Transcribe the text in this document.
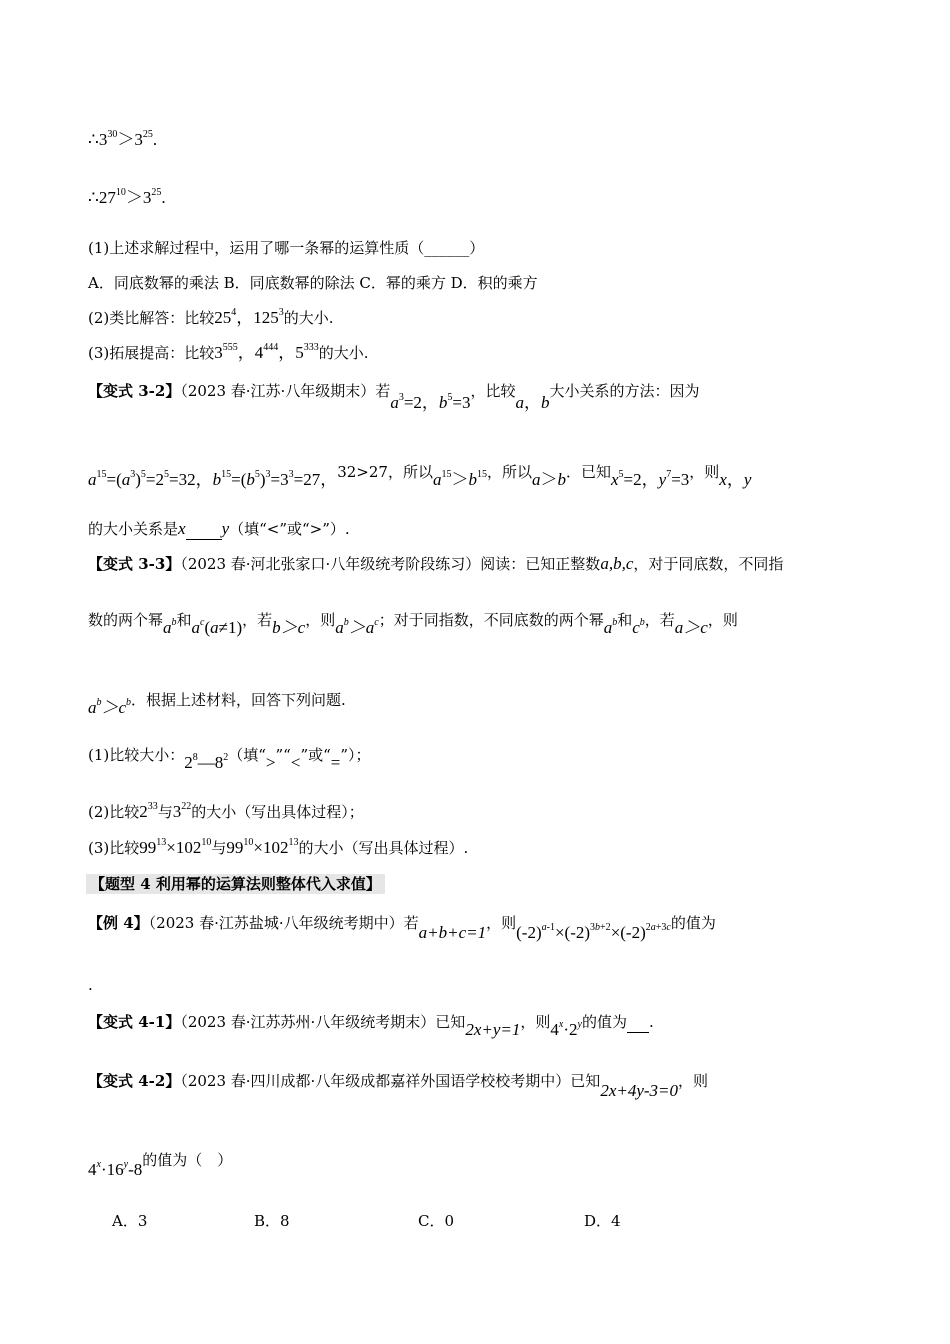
$\therefore 3^{30}>3^{25}$.
$\therefore 27^{10}>3^{25}$.
(1)上述求解过程中，运用了哪一条幂的运算性质（______）
A．同底数幂的乘法 B．同底数幂的除法 C．幂的乘方 D．积的乘方
(2)类比解答：比较$25^4$，$125^3$的大小.
(3)拓展提高：比较$3^{555}$，$4^{444}$，$5^{333}$的大小.
【变式 3-2】（2023 春·江苏·八年级期末）若$a^3=2$，$b^5=3$，比较a，b大小关系的方法：因为
$a^{15}=(a^3)^5=2^5=32$，$b^{15}=(b^5)^3=3^3=27$，32>27，所以$a^{15}>b^{15}$，所以a＞b．已知$x^5=2$，$y^7=3$，则x，y
的大小关系是x y（填“<”或“>”）.
【变式 3-3】（2023 春·河北张家口·八年级统考阶段练习）阅读：已知正整数a,b,c，对于同底数，不同指
数的两个幂$a^b$和$a^c(a\ne 1)$，若b＞c，则$a^b>a^c$；对于同指数，不同底数的两个幂$a^b$和$c^b$，若a＞c，则
$a^b>c^b$．根据上述材料，回答下列问题.
(1)比较大小：$2^8—8^2$（填“>”“<”或“=”）；
(2)比较$2^{33}$与$3^{22}$的大小（写出具体过程）；
(3)比较$99^{13}\times 102^{10}$与$99^{10}\times 102^{13}$的大小（写出具体过程）.
【题型 4 利用幂的运算法则整体代入求值】
【例 4】（2023 春·江苏盐城·八年级统考期中）若a+b+c=1，则$(-2)^{a-1}\times(-2)^{3b+2}\times(-2)^{2a+3c}$的值为
.
【变式 4-1】（2023 春·江苏苏州·八年级统考期末）已知2x+y=1，则$4^x\cdot 2^y$的值为 .
【变式 4-2】（2023 春·四川成都·八年级成都嘉祥外国语学校校考期中）已知2x+4y-3=0，则
$4^x\cdot 16^y-8$的值为（　）
A．3	B．8	C．0	D．4
